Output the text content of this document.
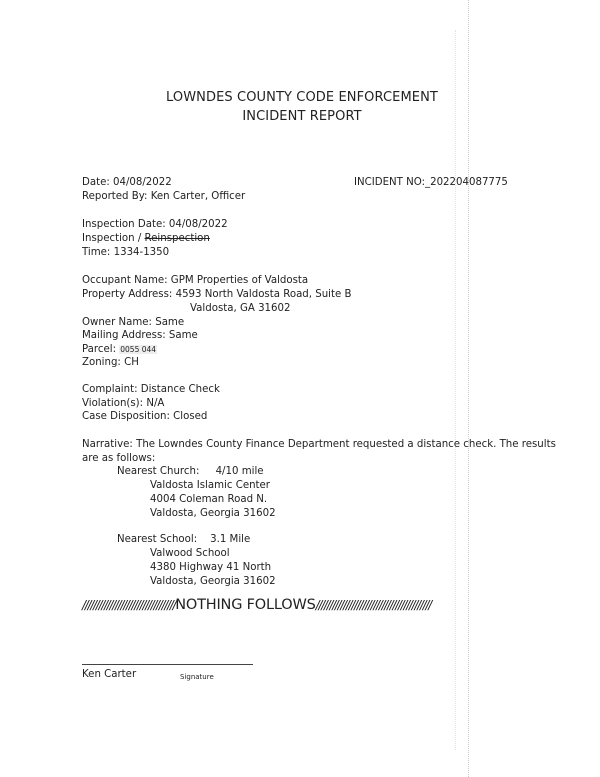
LOWNDES COUNTY CODE ENFORCEMENT
INCIDENT REPORT
Date: 04/08/2022	INCIDENT NO:_202204087775
Reported By: Ken Carter, Officer
Inspection Date: 04/08/2022
Inspection / Reinspection
Time: 1334-1350
Occupant Name: GPM Properties of Valdosta
Property Address: 4593 North Valdosta Road, Suite B
Valdosta, GA 31602
Owner Name: Same
Mailing Address: Same
Parcel: 0055 044
Zoning: CH
Complaint: Distance Check
Violation(s): N/A
Case Disposition: Closed
Narrative: The Lowndes County Finance Department requested a distance check. The results
are as follows:
Nearest Church:     4/10 mile
Valdosta Islamic Center
4004 Coleman Road N.
Valdosta, Georgia 31602
Nearest School:    3.1 Mile
Valwood School
4380 Highway 41 North
Valdosta, Georgia 31602
//////////////////////////////////NOTHING FOLLOWS//////////////////////////////////////////
Ken Carter	Signature
